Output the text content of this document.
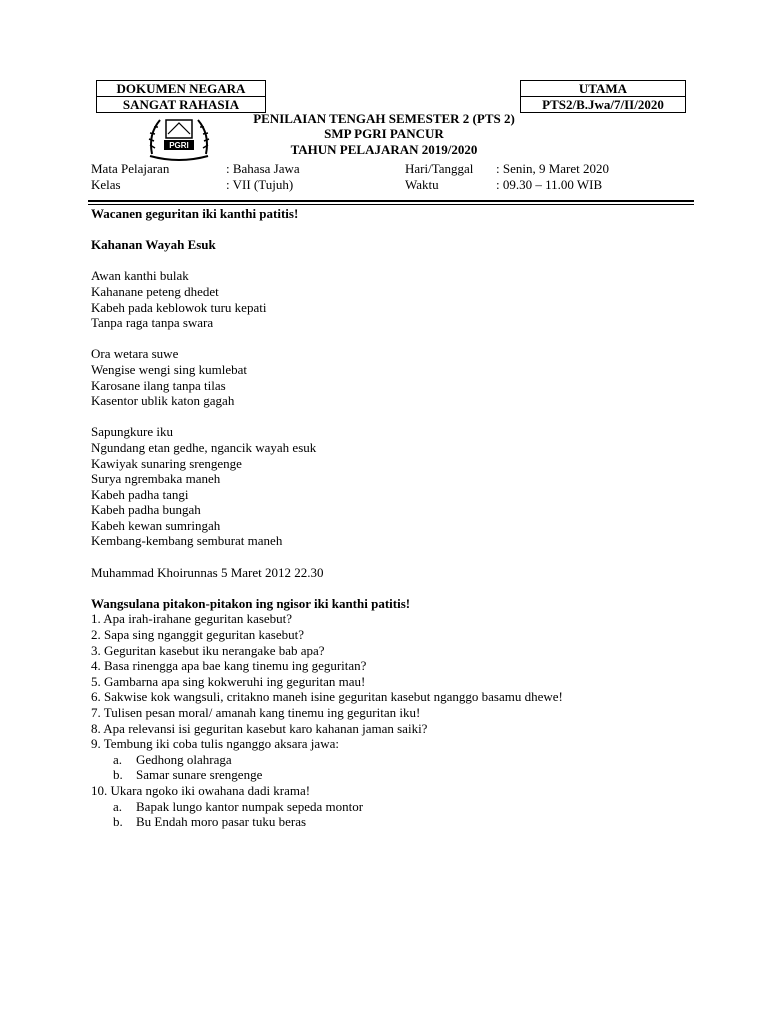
DOKUMEN NEGARA
SANGAT RAHASIA
UTAMA
PTS2/B.Jwa/7/II/2020
PGRI
PENILAIAN TENGAH SEMESTER 2 (PTS 2)
SMP PGRI PANCUR
TAHUN PELAJARAN 2019/2020
Mata Pelajaran	: Bahasa Jawa	Hari/Tanggal : Senin, 9 Maret 2020
Kelas	: VII (Tujuh)	Waktu	: 09.30 – 11.00 WIB

Wacanen geguritan iki kanthi patitis!

Kahanan Wayah Esuk

Awan kanthi bulak

Kahanane peteng dhedet

Kabeh pada keblowok turu kepati

Tanpa raga tanpa swara

Ora wetara suwe

Wengise wengi sing kumlebat

Karosane ilang tanpa tilas

Kasentor ublik katon gagah

Sapungkure iku

Ngundang etan gedhe, ngancik wayah esuk

Kawiyak sunaring srengenge

Surya ngrembaka maneh

Kabeh padha tangi

Kabeh padha bungah

Kabeh kewan sumringah

Kembang-kembang semburat maneh

Muhammad Khoirunnas 5 Maret 2012 22.30

Wangsulana pitakon-pitakon ing ngisor iki kanthi patitis!

1. Apa irah-irahane geguritan kasebut?

2. Sapa sing nganggit geguritan kasebut?

3. Geguritan kasebut iku nerangake bab apa?

4. Basa rinengga apa bae kang tinemu ing geguritan?

5. Gambarna apa sing kokweruhi ing geguritan mau!

6. Sakwise kok wangsuli, critakno maneh isine geguritan kasebut nganggo basamu dhewe!

7. Tulisen pesan moral/ amanah kang tinemu ing geguritan iku!

8. Apa relevansi isi geguritan kasebut karo kahanan jaman saiki?

9. Tembung iki coba tulis nganggo aksara jawa:

a. Gedhong olahraga

b. Samar sunare srengenge

10. Ukara ngoko iki owahana dadi krama!

a. Bapak lungo kantor numpak sepeda montor

b. Bu Endah moro pasar tuku beras
